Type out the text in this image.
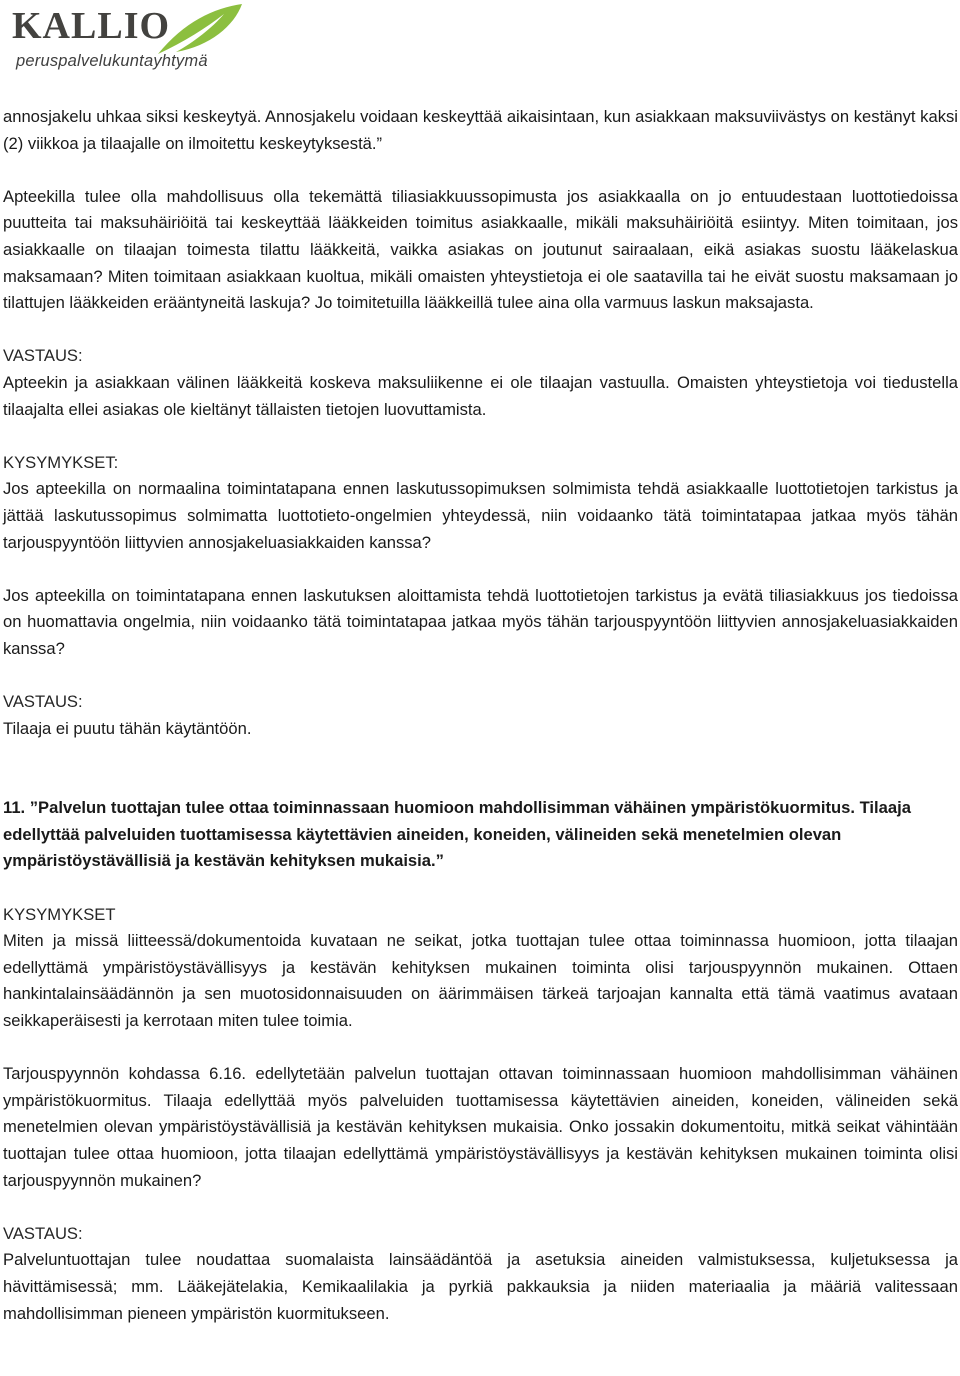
KALLIO
peruspalvelukuntayhtymä

annosjakelu uhkaa siksi keskeytyä. Annosjakelu voidaan keskeyttää aikaisintaan, kun asiakkaan maksuviivästys on kestänyt kaksi (2) viikkoa ja tilaajalle on ilmoitettu keskeytyksestä.”

Apteekilla tulee olla mahdollisuus olla tekemättä tiliasiakkuussopimusta jos asiakkaalla on jo entuudestaan luottotiedoissa puutteita tai maksuhäiriöitä tai keskeyttää lääkkeiden toimitus asiakkaalle, mikäli maksuhäiriöitä esiintyy. Miten toimitaan, jos asiakkaalle on tilaajan toimesta tilattu lääkkeitä, vaikka asiakas on joutunut sairaalaan, eikä asiakas suostu lääkelaskua maksamaan? Miten toimitaan asiakkaan kuoltua, mikäli omaisten yhteystietoja ei ole saatavilla tai he eivät suostu maksamaan jo tilattujen lääkkeiden erääntyneitä laskuja? Jo toimitetuilla lääkkeillä tulee aina olla varmuus laskun maksajasta.

VASTAUS:

Apteekin ja asiakkaan välinen lääkkeitä koskeva maksuliikenne ei ole tilaajan vastuulla. Omaisten yhteystietoja voi tiedustella tilaajalta ellei asiakas ole kieltänyt tällaisten tietojen luovuttamista.

KYSYMYKSET:

Jos apteekilla on normaalina toimintatapana ennen laskutussopimuksen solmimista tehdä asiakkaalle luottotietojen tarkistus ja jättää laskutussopimus solmimatta luottotieto-ongelmien yhteydessä, niin voidaanko tätä toimintatapaa jatkaa myös tähän tarjouspyyntöön liittyvien annosjakeluasiakkaiden kanssa?

Jos apteekilla on toimintatapana ennen laskutuksen aloittamista tehdä luottotietojen tarkistus ja evätä tiliasiakkuus jos tiedoissa on huomattavia ongelmia, niin voidaanko tätä toimintatapaa jatkaa myös tähän tarjouspyyntöön liittyvien annosjakeluasiakkaiden kanssa?

VASTAUS:

Tilaaja ei puutu tähän käytäntöön.

11. ”Palvelun tuottajan tulee ottaa toiminnassaan huomioon mahdollisimman vähäinen ympäristökuormitus. Tilaaja edellyttää palveluiden tuottamisessa käytettävien aineiden, koneiden, välineiden sekä menetelmien olevan ympäristöystävällisiä ja kestävän kehityksen mukaisia.”

KYSYMYKSET

Miten ja missä liitteessä/dokumentoida kuvataan ne seikat, jotka tuottajan tulee ottaa toiminnassa huomioon, jotta tilaajan edellyttämä ympäristöystävällisyys ja kestävän kehityksen mukainen toiminta olisi tarjouspyynnön mukainen. Ottaen hankintalainsäädännön ja sen muotosidonnaisuuden on äärimmäisen tärkeä tarjoajan kannalta että tämä vaatimus avataan seikkaperäisesti ja kerrotaan miten tulee toimia.

Tarjouspyynnön kohdassa 6.16. edellytetään palvelun tuottajan ottavan toiminnassaan huomioon mahdollisimman vähäinen ympäristökuormitus. Tilaaja edellyttää myös palveluiden tuottamisessa käytettävien aineiden, koneiden, välineiden sekä menetelmien olevan ympäristöystävällisiä ja kestävän kehityksen mukaisia. Onko jossakin dokumentoitu, mitkä seikat vähintään tuottajan tulee ottaa huomioon, jotta tilaajan edellyttämä ympäristöystävällisyys ja kestävän kehityksen mukainen toiminta olisi tarjouspyynnön mukainen?

VASTAUS:

Palveluntuottajan tulee noudattaa suomalaista lainsäädäntöä ja asetuksia aineiden valmistuksessa, kuljetuksessa ja hävittämisessä; mm. Lääkejätelakia, Kemikaalilakia ja pyrkiä pakkauksia ja niiden materiaalia ja määriä valitessaan mahdollisimman pieneen ympäristön kuormitukseen.
